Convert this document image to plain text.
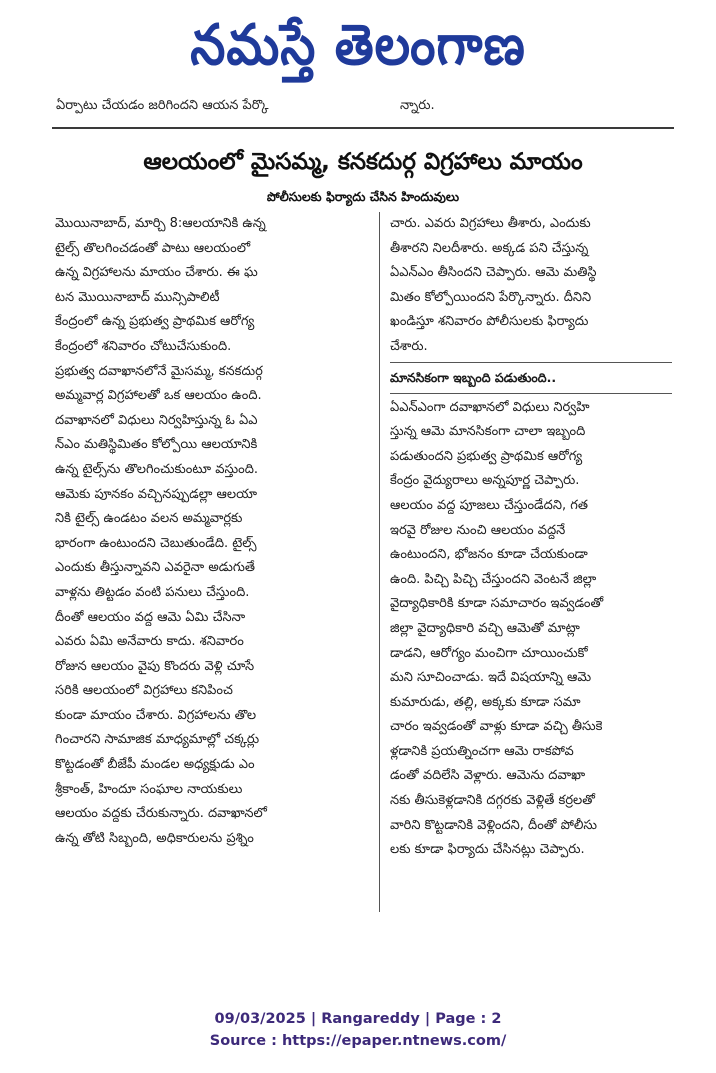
నమస్తే తెలంగాణ
ఏర్పాటు చేయడం జరిగిందని ఆయన పేర్కొ	న్నారు.
ఆలయంలో మైసమ్మ, కనకదుర్గ విగ్రహాలు మాయం
పోలీసులకు ఫిర్యాదు చేసిన హిందువులు
మొయినాబాద్, మార్చి 8:ఆలయానికి ఉన్న
టైల్స్ తొలగించడంతో పాటు ఆలయంలో
ఉన్న విగ్రహాలను మాయం చేశారు. ఈ ఘ
టన మొయినాబాద్ మున్సిపాలిటీ
కేంద్రంలో ఉన్న ప్రభుత్వ ప్రాథమిక ఆరోగ్య
కేంద్రంలో శనివారం చోటుచేసుకుంది.
ప్రభుత్వ దవాఖానలోనే మైసమ్మ, కనకదుర్గ
అమ్మవార్ల విగ్రహాలతో ఒక ఆలయం ఉంది.
దవాఖానలో విధులు నిర్వహిస్తున్న ఓ ఏఎ
న్ఎం మతిస్థిమితం కోల్పోయి ఆలయానికి
ఉన్న టైల్స్‌ను తొలగించుకుంటూ వస్తుంది.
ఆమెకు పూనకం వచ్చినప్పుడల్లా ఆలయా
నికి టైల్స్ ఉండటం వలన అమ్మవార్లకు
భారంగా ఉంటుందని చెబుతుండేది. టైల్స్
ఎందుకు తీస్తున్నావని ఎవరైనా అడుగుతే
వాళ్లను తిట్టడం వంటి పనులు చేస్తుంది.
దీంతో ఆలయం వద్ద ఆమె ఏమి చేసినా
ఎవరు ఏమి అనేవారు కాదు. శనివారం
రోజున ఆలయం వైపు కొందరు వెళ్లి చూసే
సరికి ఆలయంలో విగ్రహాలు కనిపించ
కుండా మాయం చేశారు. విగ్రహాలను తొల
గించారని సామాజిక మాధ్యమాల్లో చక్కర్లు
కొట్టడంతో బీజేపీ మండల అధ్యక్షుడు ఎం
శ్రీకాంత్, హిందూ సంఘాల నాయకులు
ఆలయం వద్దకు చేరుకున్నారు. దవాఖానలో
ఉన్న తోటి సిబ్బంది, అధికారులను ప్రశ్నిం
చారు. ఎవరు విగ్రహాలు తీశారు, ఎందుకు
తీశారని నిలదీశారు. అక్కడ పని చేస్తున్న
ఏఎన్ఎం తీసిందని చెప్పారు. ఆమె మతిస్థి
మితం కోల్పోయిందని పేర్కొన్నారు. దీనిని
ఖండిస్తూ శనివారం పోలీసులకు ఫిర్యాదు
చేశారు.
మానసికంగా ఇబ్బంది పడుతుంది..
ఏఎన్ఎంగా దవాఖానలో విధులు నిర్వహి
స్తున్న ఆమె మానసికంగా చాలా ఇబ్బంది
పడుతుందని ప్రభుత్వ ప్రాథమిక ఆరోగ్య
కేంద్రం వైద్యురాలు అన్నపూర్ణ చెప్పారు.
ఆలయం వద్ద పూజలు చేస్తుండేదని, గత
ఇరవై రోజుల నుంచి ఆలయం వద్దనే
ఉంటుందని, భోజనం కూడా చేయకుండా
ఉంది. పిచ్చి పిచ్చి చేస్తుందని వెంటనే జిల్లా
వైద్యాధికారికి కూడా సమాచారం ఇవ్వడంతో
జిల్లా వైద్యాధికారి వచ్చి ఆమెతో మాట్లా
డాడని, ఆరోగ్యం మంచిగా చూయించుకో
మని సూచించాడు. ఇదే విషయాన్ని ఆమె
కుమారుడు, తల్లి, అక్కకు కూడా సమా
చారం ఇవ్వడంతో వాళ్లు కూడా వచ్చి తీసుకె
ళ్లడానికి ప్రయత్నించగా ఆమె రాకపోవ
డంతో వదిలేసి వెళ్లారు. ఆమెను దవాఖా
నకు తీసుకెళ్లడానికి దగ్గరకు వెళ్లితే కర్రలతో
వారిని కొట్టడానికి వెళ్లిందని, దీంతో పోలీసు
లకు కూడా ఫిర్యాదు చేసినట్లు చెప్పారు.
09/03/2025 | Rangareddy | Page : 2
Source : https://epaper.ntnews.com/
